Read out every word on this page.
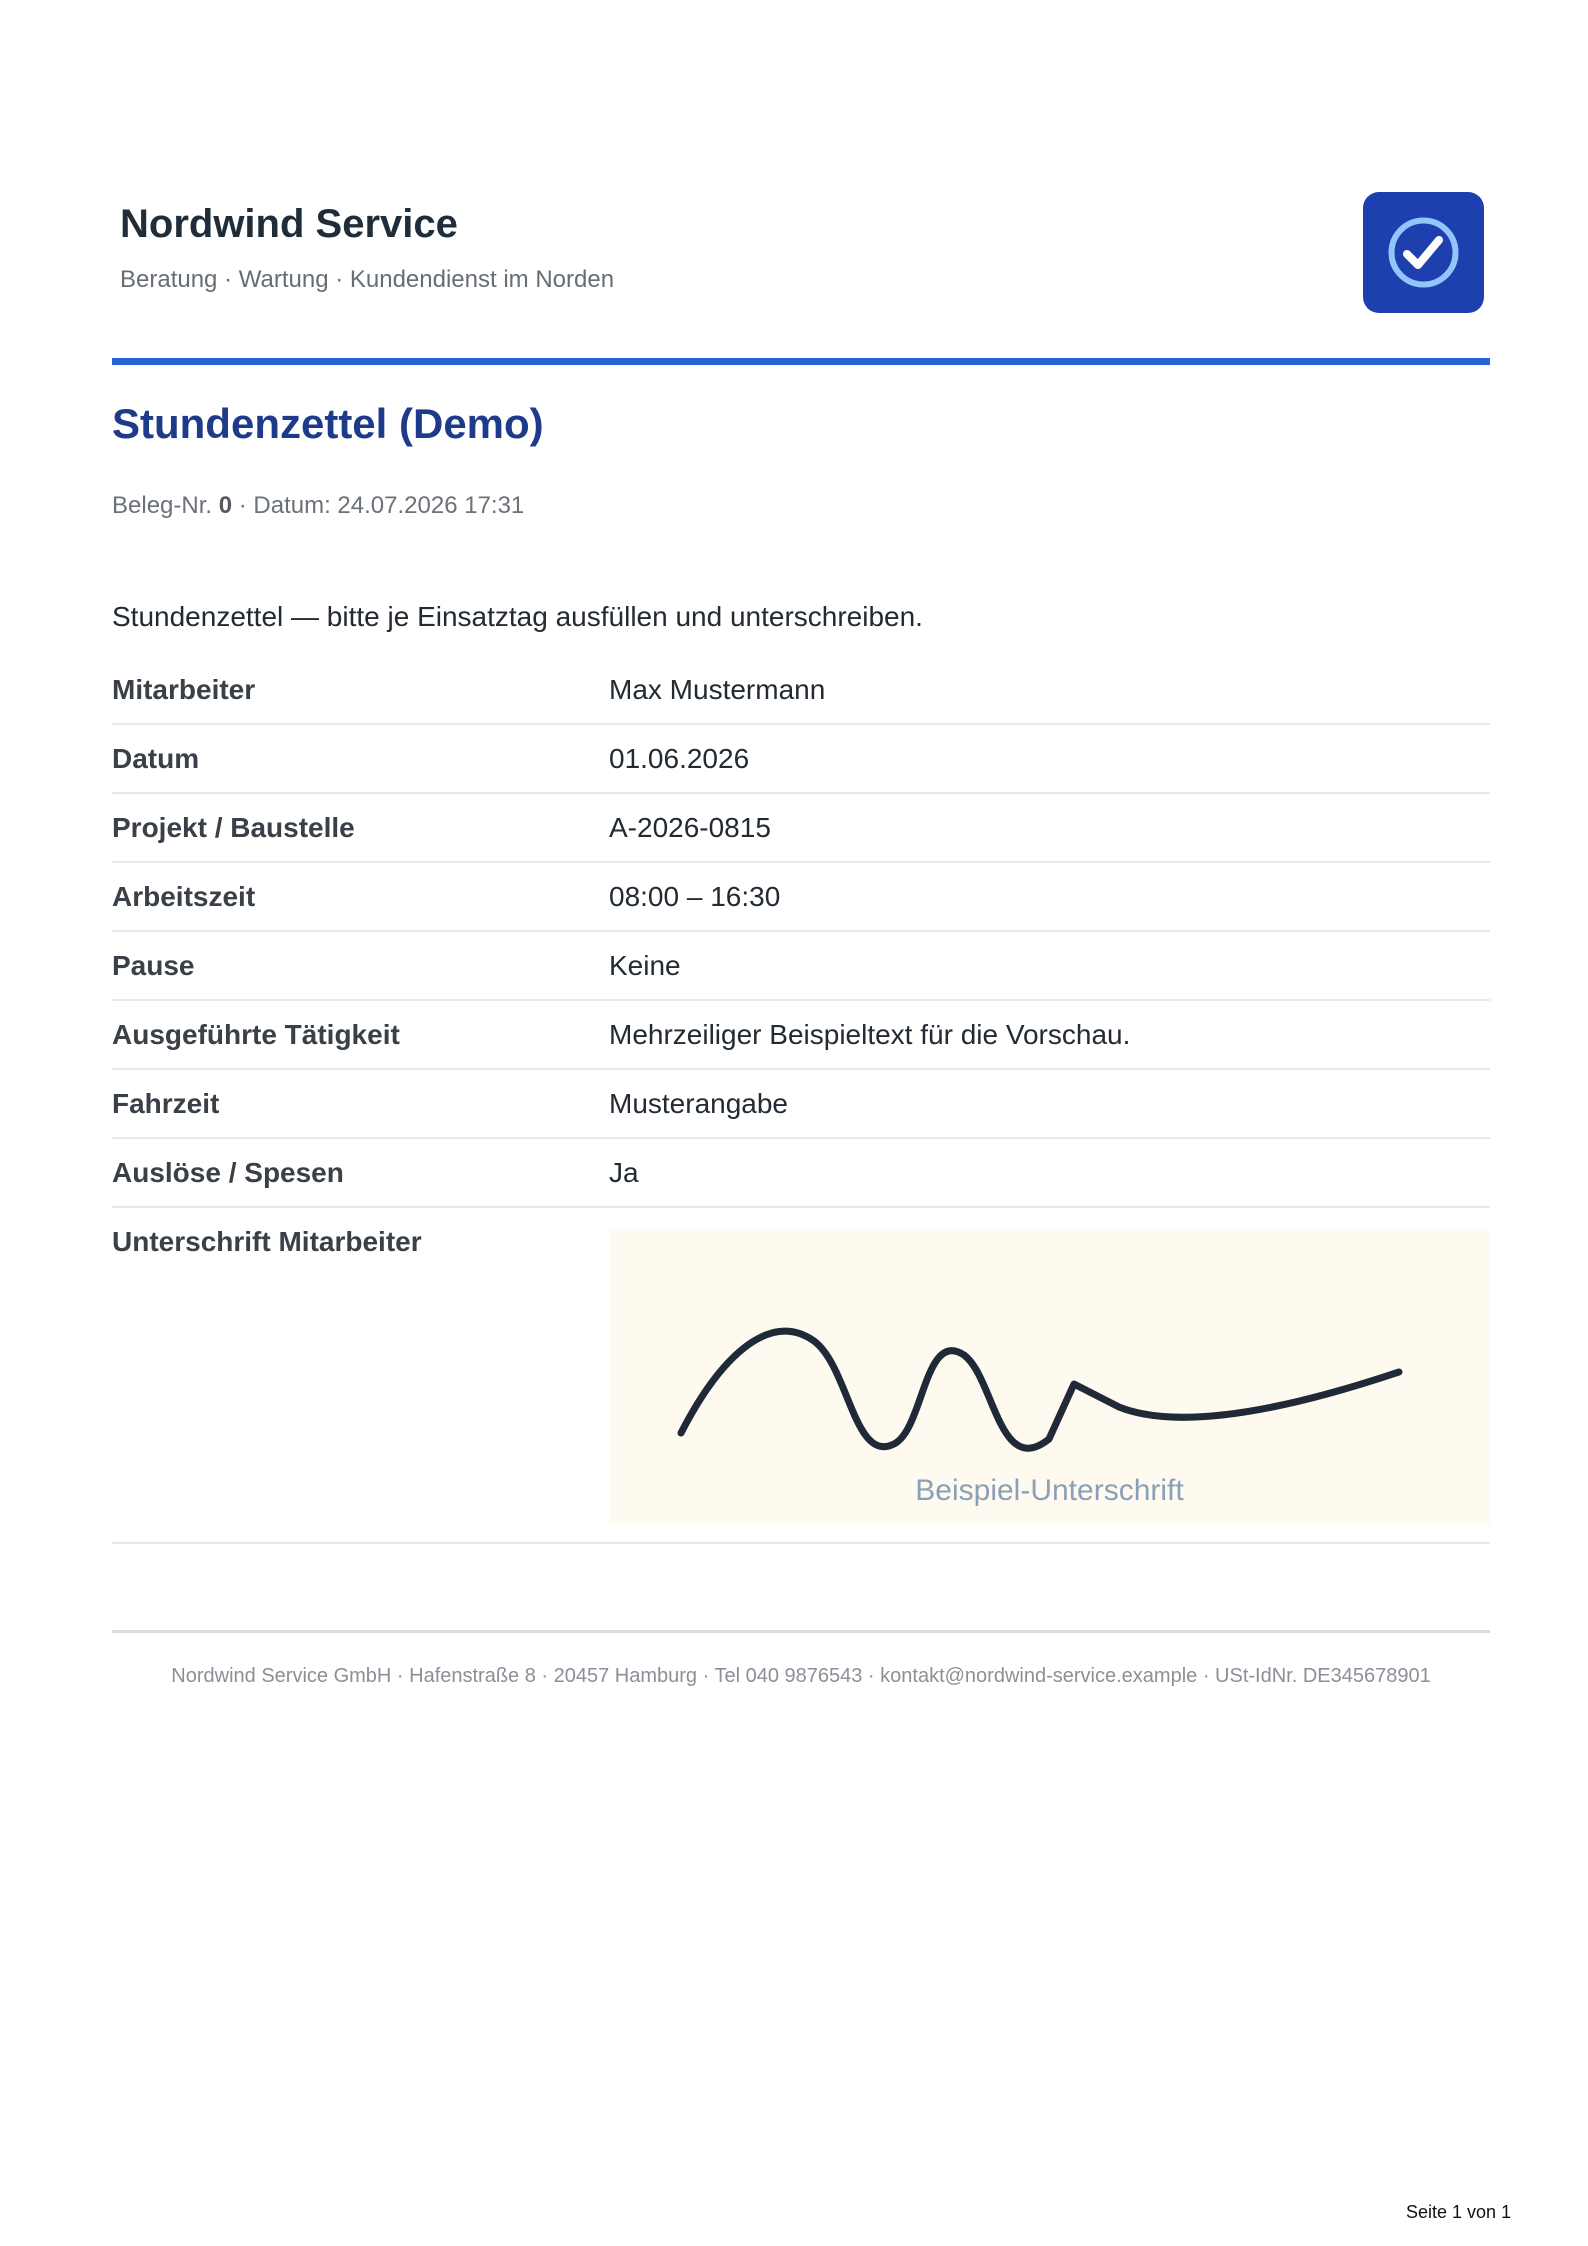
Nordwind Service
Beratung · Wartung · Kundendienst im Norden
Stundenzettel (Demo)
Beleg-Nr. 0 · Datum: 24.07.2026 17:31
Stundenzettel — bitte je Einsatztag ausfüllen und unterschreiben.
Mitarbeiter	Max Mustermann
Datum	01.06.2026
Projekt / Baustelle	A-2026-0815
Arbeitszeit	08:00 – 16:30
Pause	Keine
Ausgeführte Tätigkeit	Mehrzeiliger Beispieltext für die Vorschau.
Fahrzeit	Musterangabe
Auslöse / Spesen	Ja
Unterschrift Mitarbeiter
Beispiel-Unterschrift
Nordwind Service GmbH · Hafenstraße 8 · 20457 Hamburg · Tel 040 9876543 · kontakt@nordwind-service.example · USt-IdNr. DE345678901
Seite 1 von 1
